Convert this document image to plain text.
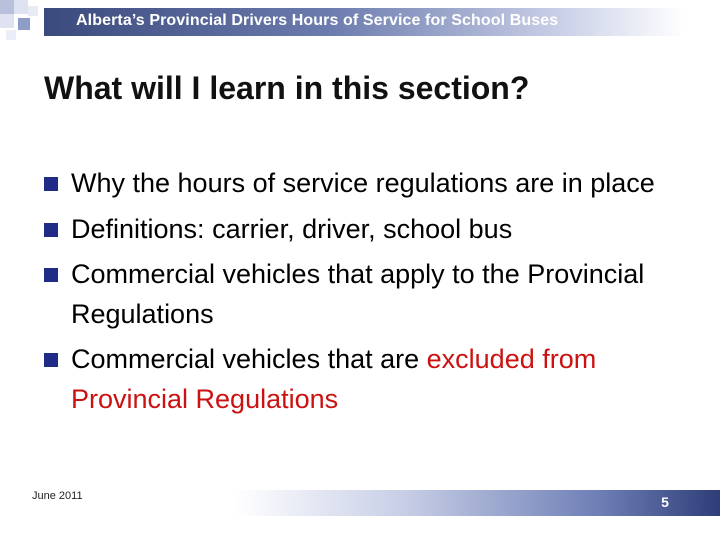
Alberta’s Provincial Drivers Hours of Service for School Buses
What will I learn in this section?
Why the hours of service regulations are in place
Definitions: carrier, driver, school bus
Commercial vehicles that apply to the Provincial Regulations
Commercial vehicles that are excluded from Provincial Regulations
June 2011	5
